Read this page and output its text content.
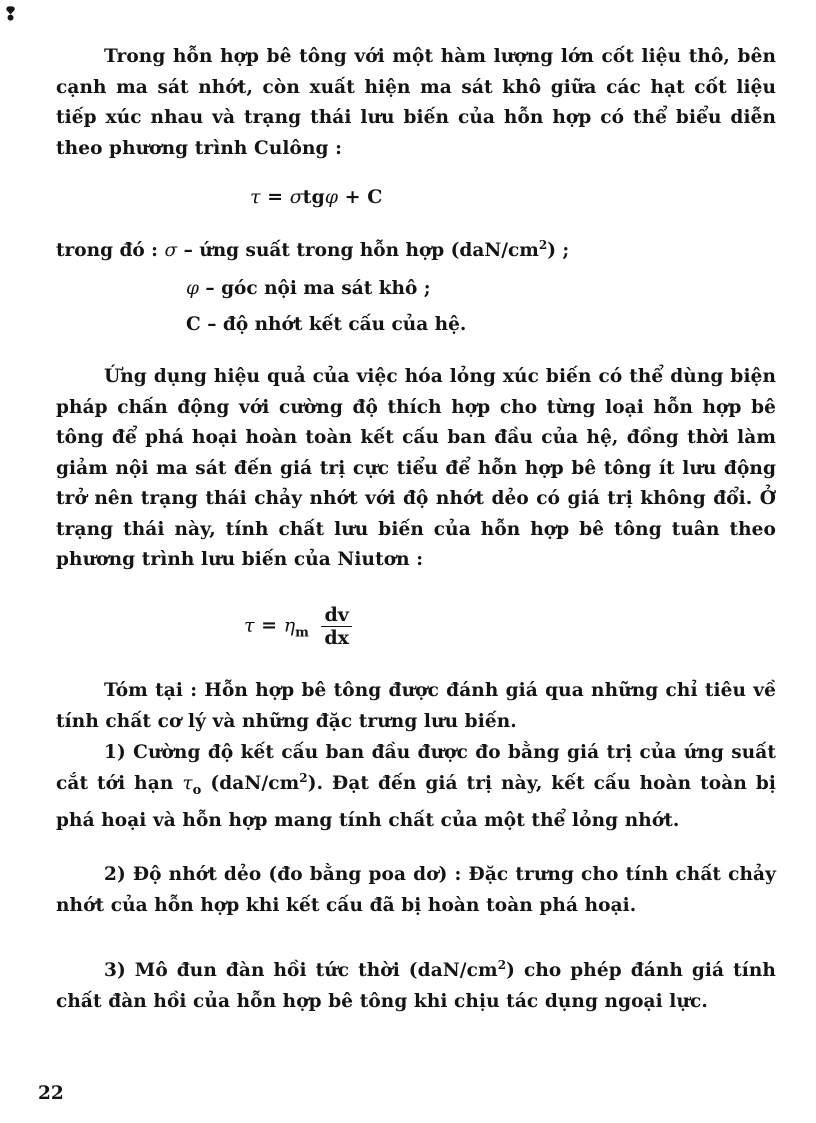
❢

Trong hỗn hợp bê tông với một hàm lượng lớn cốt liệu thô, bên cạnh ma sát nhớt, còn xuất hiện ma sát khô giữa các hạt cốt liệu tiếp xúc nhau và trạng thái lưu biến của hỗn hợp có thể biểu diễn theo phương trình Culông :

τ = σtgφ + C
trong đó : σ – ứng suất trong hỗn hợp $(daN/cm^2)$ ;
φ – góc nội ma sát khô ;
C – độ nhớt kết cấu của hệ.

Ứng dụng hiệu quả của việc hóa lỏng xúc biến có thể dùng biện pháp chấn động với cường độ thích hợp cho từng loại hỗn hợp bê tông để phá hoại hoàn toàn kết cấu ban đầu của hệ, đồng thời làm giảm nội ma sát đến giá trị cực tiểu để hỗn hợp bê tông ít lưu động trở nên trạng thái chảy nhớt với độ nhớt dẻo có giá trị không đổi. Ở trạng thái này, tính chất lưu biến của hỗn hợp bê tông tuân theo phương trình lưu biến của Niutơn :

$\tau = \eta_m \frac{dv}{dx}$

Tóm tại : Hỗn hợp bê tông được đánh giá qua những chỉ tiêu về tính chất cơ lý và những đặc trưng lưu biến.

1) Cường độ kết cấu ban đầu được đo bằng giá trị của ứng suất cắt tới hạn $\tau_o$ $(daN/cm^2)$. Đạt đến giá trị này, kết cấu hoàn toàn bị phá hoại và hỗn hợp mang tính chất của một thể lỏng nhớt.

2) Độ nhớt dẻo (đo bằng poa dơ) : Đặc trưng cho tính chất chảy nhớt của hỗn hợp khi kết cấu đã bị hoàn toàn phá hoại.

3) Mô đun đàn hồi tức thời $(daN/cm^2)$ cho phép đánh giá tính chất đàn hồi của hỗn hợp bê tông khi chịu tác dụng ngoại lực.

22
